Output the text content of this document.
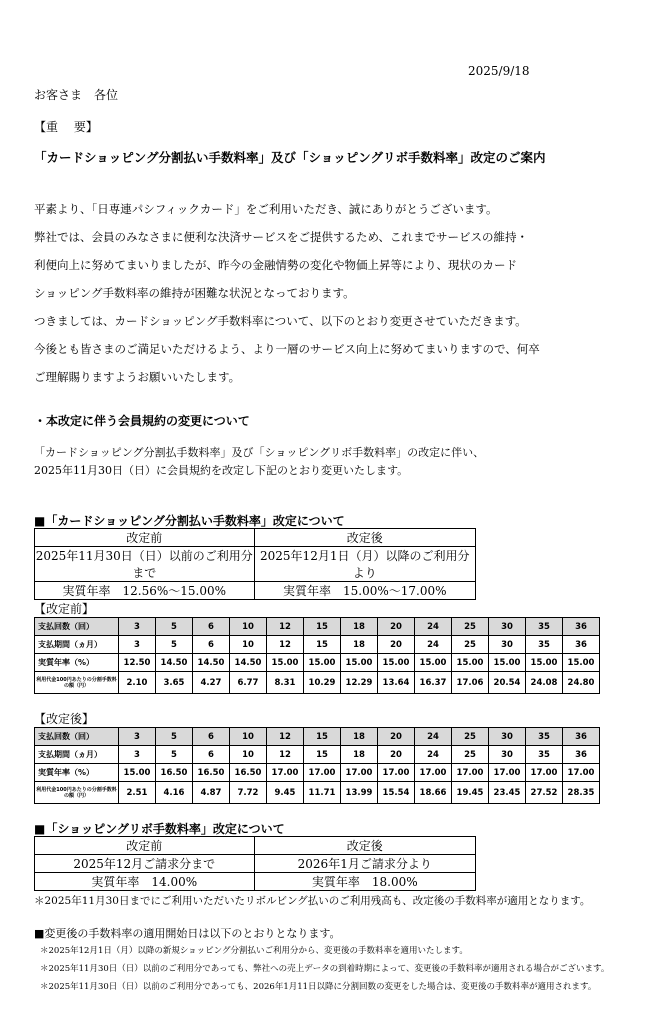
2025/9/18
お客さま　各位
【重　 要】
「カードショッピング分割払い手数料率」及び「ショッピングリボ手数料率」改定のご案内
平素より、「日専連パシフィックカード」をご利用いただき、誠にありがとうございます。
弊社では、会員のみなさまに便利な決済サービスをご提供するため、これまでサービスの維持・
利便向上に努めてまいりましたが、昨今の金融情勢の変化や物価上昇等により、現状のカード
ショッピング手数料率の維持が困難な状況となっております。
つきましては、カードショッピング手数料率について、以下のとおり変更させていただきます。
今後とも皆さまのご満足いただけるよう、より一層のサービス向上に努めてまいりますので、何卒
ご理解賜りますようお願いいたします。
・本改定に伴う会員規約の変更について
「カードショッピング分割払手数料率」及び「ショッピングリボ手数料率」の改定に伴い、
2025年11月30日（日）に会員規約を改定し下記のとおり変更いたします。
■「カードショッピング分割払い手数料率」改定について
改定前	改定後
2025年11月30日（日）以前のご利用分まで	2025年12月1日（月）以降のご利用分より
実質年率　12.56%～15.00%	実質年率　15.00%～17.00%
【改定前】
支払回数（回）	3	5	6	10	12	15	18	20	24	25	30	35	36
支払期間（ヵ月）	3	5	6	10	12	15	18	20	24	25	30	35	36
実質年率（%）	12.50	14.50	14.50	14.50	15.00	15.00	15.00	15.00	15.00	15.00	15.00	15.00	15.00
利用代金100円あたりの分割手数料の額（円）	2.10	3.65	4.27	6.77	8.31	10.29	12.29	13.64	16.37	17.06	20.54	24.08	24.80
【改定後】
支払回数（回）	3	5	6	10	12	15	18	20	24	25	30	35	36
支払期間（ヵ月）	3	5	6	10	12	15	18	20	24	25	30	35	36
実質年率（%）	15.00	16.50	16.50	16.50	17.00	17.00	17.00	17.00	17.00	17.00	17.00	17.00	17.00
利用代金100円あたりの分割手数料の額（円）	2.51	4.16	4.87	7.72	9.45	11.71	13.99	15.54	18.66	19.45	23.45	27.52	28.35
■「ショッピングリボ手数料率」改定について
改定前	改定後
2025年12月ご請求分まで	2026年1月ご請求分より
実質年率　14.00%	実質年率　18.00%
＊2025年11月30日までにご利用いただいたリボルビング払いのご利用残高も、改定後の手数料率が適用となります。
■変更後の手数料率の適用開始日は以下のとおりとなります。
＊2025年12月1日（月）以降の新規ショッピング分割払いご利用分から、変更後の手数料率を適用いたします。
＊2025年11月30日（日）以前のご利用分であっても、弊社への売上データの到着時期によって、変更後の手数料率が適用される場合がございます。
＊2025年11月30日（日）以前のご利用分であっても、2026年1月11日以降に分割回数の変更をした場合は、変更後の手数料率が適用されます。
